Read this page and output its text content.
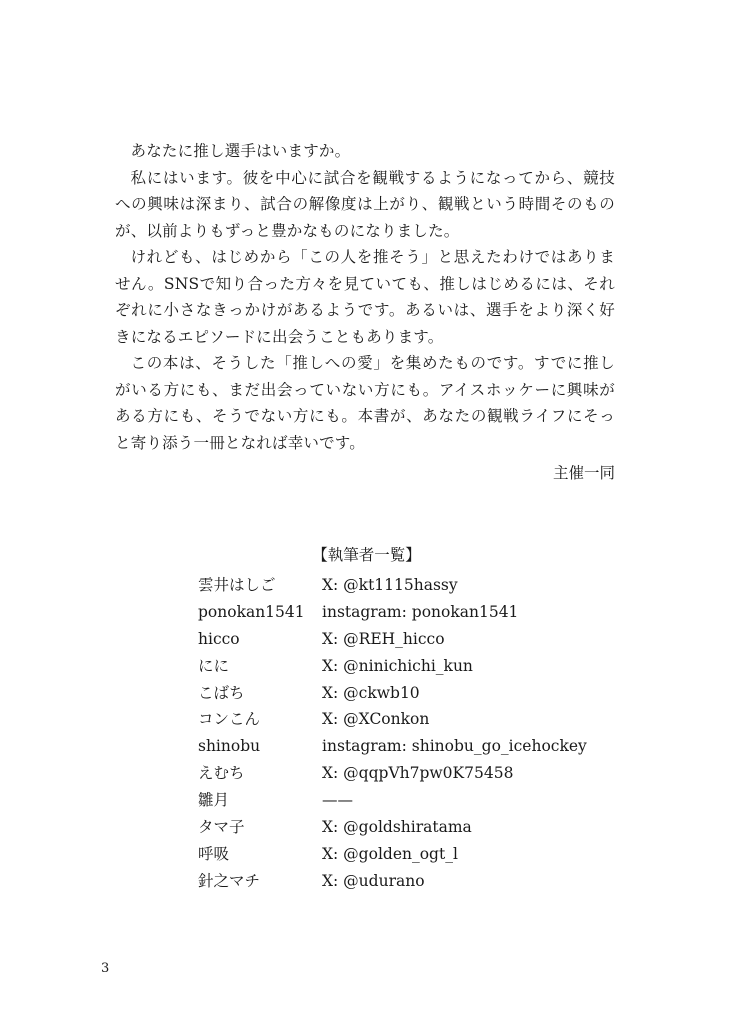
あなたに推し選手はいますか。

私にはいます。彼を中心に試合を観戦するようになってから、競技への興味は深まり、試合の解像度は上がり、観戦という時間そのものが、以前よりもずっと豊かなものになりました。

けれども、はじめから「この人を推そう」と思えたわけではありません。SNSで知り合った方々を見ていても、推しはじめるには、それぞれに小さなきっかけがあるようです。あるいは、選手をより深く好きになるエピソードに出会うこともあります。

この本は、そうした「推しへの愛」を集めたものです。すでに推しがいる方にも、まだ出会っていない方にも。アイスホッケーに興味がある方にも、そうでない方にも。本書が、あなたの観戦ライフにそっと寄り添う一冊となれば幸いです。

主催一同
【執筆者一覧】
雲井はしご	X: @kt1115hassy
ponokan1541 instagram: ponokan1541
hicco	X: @REH_hicco
にに	X: @ninichichi_kun
こばち	X: @ckwb10
コンこん	X: @XConkon
shinobu	instagram: shinobu_go_icehockey
えむち	X: @qqpVh7pw0K75458
雛月	——
タマ子	X: @goldshiratama
呼吸	X: @golden_ogt_l
針之マチ	X: @udurano
3
